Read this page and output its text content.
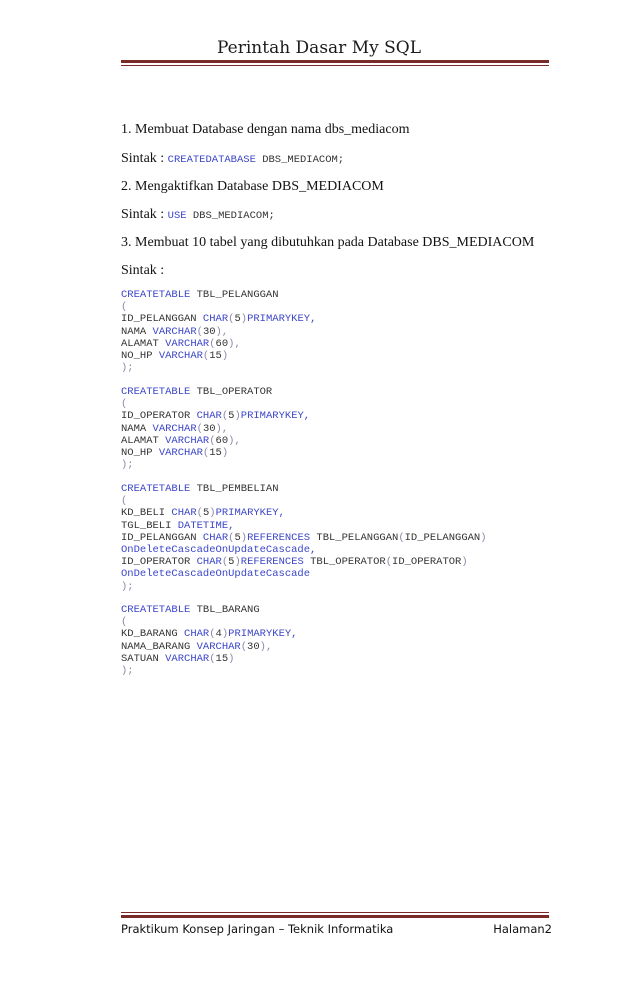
Perintah Dasar My SQL
1. Membuat Database dengan nama dbs_mediacom
Sintak : CREATEDATABASE DBS_MEDIACOM;
2. Mengaktifkan Database DBS_MEDIACOM
Sintak : USE DBS_MEDIACOM;
3. Membuat 10 tabel yang dibutuhkan pada Database DBS_MEDIACOM
Sintak :
CREATETABLE TBL_PELANGGAN
(
ID_PELANGGAN CHAR(5)PRIMARYKEY,
NAMA VARCHAR(30),
ALAMAT VARCHAR(60),
NO_HP VARCHAR(15)
);
CREATETABLE TBL_OPERATOR
(
ID_OPERATOR CHAR(5)PRIMARYKEY,
NAMA VARCHAR(30),
ALAMAT VARCHAR(60),
NO_HP VARCHAR(15)
);
CREATETABLE TBL_PEMBELIAN
(
KD_BELI CHAR(5)PRIMARYKEY,
TGL_BELI DATETIME,
ID_PELANGGAN CHAR(5)REFERENCES TBL_PELANGGAN(ID_PELANGGAN)
OnDeleteCascadeOnUpdateCascade,
ID_OPERATOR CHAR(5)REFERENCES TBL_OPERATOR(ID_OPERATOR)
OnDeleteCascadeOnUpdateCascade
);
CREATETABLE TBL_BARANG
(
KD_BARANG CHAR(4)PRIMARYKEY,
NAMA_BARANG VARCHAR(30),
SATUAN VARCHAR(15)
);
Praktikum Konsep Jaringan – Teknik Informatika	Halaman2
